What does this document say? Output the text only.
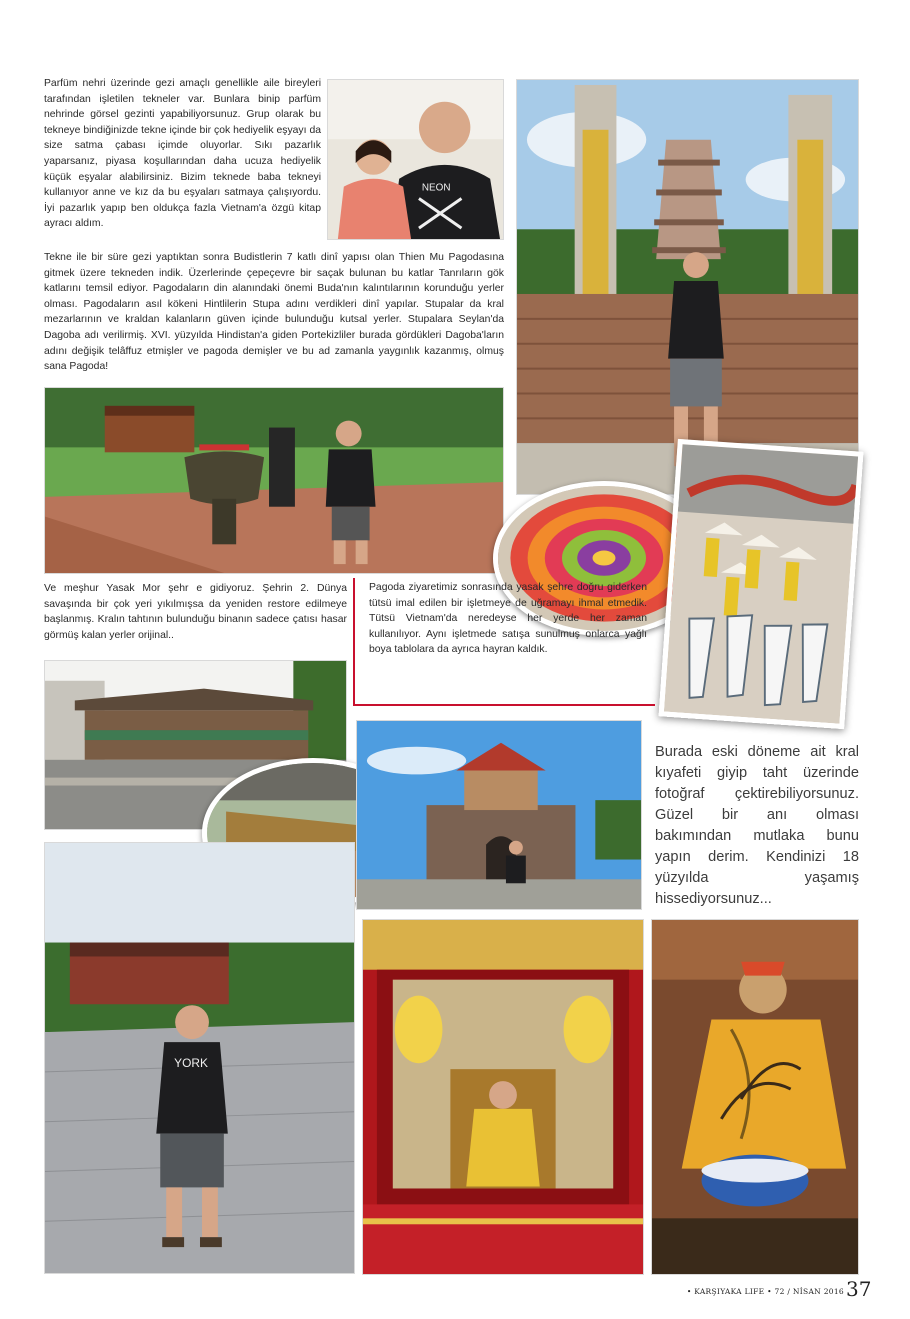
Parfüm nehri üzerinde gezi amaçlı genellikle aile bireyleri tarafından işletilen tekneler var. Bunlara binip parfüm nehrinde görsel gezinti yapabiliyorsunuz. Grup olarak bu tekneye bindiğinizde tekne içinde bir çok hediyelik eşyayı da size satma çabası içimde oluyorlar. Sıkı pazarlık yaparsanız, piyasa koşullarından daha ucuza hediyelik küçük eşyalar alabilirsiniz. Bizim teknede baba tekneyi kullanıyor anne ve kız da bu eşyaları satmaya çalışıyordu. İyi pazarlık yapıp ben oldukça fazla Vietnam'a özgü kitap ayracı aldım.
NEON
Tekne ile bir süre gezi yaptıktan sonra Budistlerin 7 katlı dinî yapısı olan Thien Mu Pagodasına gitmek üzere tekneden indik. Üzerlerinde çepeçevre bir saçak bulunan bu katlar Tanrıların gök katlarını temsil ediyor. Pagodaların din alanındaki önemi Buda'nın kalıntılarının korunduğu yerler olması. Pagodaların asıl kökeni Hintlilerin Stupa adını verdikleri dinî yapılar. Stupalar da kral mezarlarının ve kraldan kalanların güven içinde bulunduğu kutsal yerler. Stupalara Seylan'da Dagoba adı verilirmiş. XVI. yüzyılda Hindistan'a giden Portekizliler burada gördükleri Dagoba'ların adını değişik telâffuz etmişler ve pagoda demişler ve bu ad zamanla yaygınlık kazanmış, olmuş sana Pagoda!
Ve meşhur Yasak Mor şehr e gidiyoruz. Şehrin 2. Dünya savaşında bir çok yeri yıkılmışsa da yeniden restore edilmeye başlanmış. Kralın tahtının bulunduğu binanın sadece çatısı hasar görmüş kalan yerler orijinal..
Pagoda ziyaretimiz sonrasında yasak şehre doğru giderken tütsü imal edilen bir işletmeye de uğramayı ihmal etmedik. Tütsü Vietnam'da neredeyse her yerde her zaman kullanılıyor. Aynı işletmede satışa sunulmuş onlarca yağlı boya tablolara da ayrıca hayran kaldık.
Burada eski döneme ait kral kıyafeti giyip taht üzerinde fotoğraf çektirebiliyorsunuz. Güzel bir anı olması bakımından mutlaka bunu yapın derim. Kendinizi 18 yüzyılda yaşamış hissediyorsunuz...
YORK
• KARŞIYAKA LIFE • 72 / NİSAN 2016 37
